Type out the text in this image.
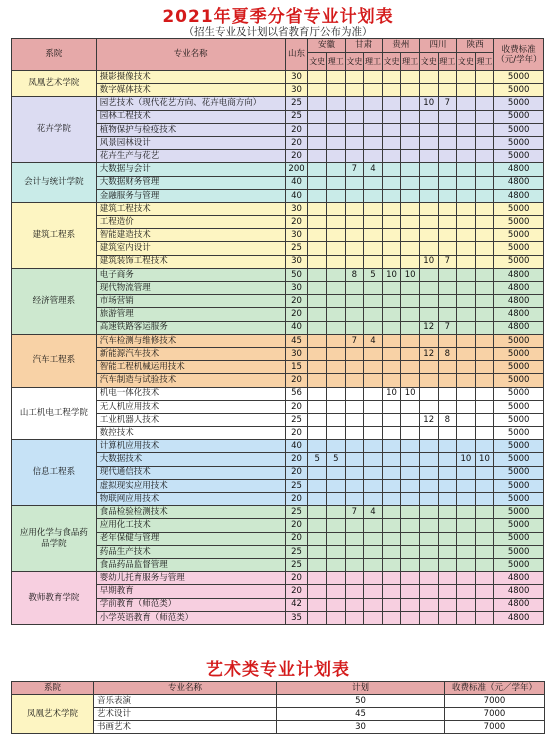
2021年夏季分省专业计划表
（招生专业及计划以省教育厅公布为准）
系院	专业名称	山东	安徽		甘肃		贵州		四川		陕西		收费标准（元/学年）
			文史	理工	文史	理工	文史	理工	文史	理工	文史	理工	

凤凰艺术学院	摄影摄像技术	30											5000
	数字媒体技术	30											5000
花卉学院	园艺技术（现代花艺方向、花卉电商方向）	25							10	7			5000
	园林工程技术	25											5000
	植物保护与检疫技术	20											5000
	风景园林设计	20											5000
	花卉生产与花艺	20											5000
会计与统计学院	大数据与会计	200			7	4							4800
	大数据财务管理	40											4800
	金融服务与管理	40											4800
建筑工程系	建筑工程技术	30											5000
	工程造价	20											5000
	智能建造技术	30											5000
	建筑室内设计	25											5000
	建筑装饰工程技术	30							10	7			5000
经济管理系	电子商务	50			8	5	10	10					4800
	现代物流管理	30											4800
	市场营销	20											4800
	旅游管理	20											4800
	高速铁路客运服务	40							12	7			4800
汽车工程系	汽车检测与维修技术	45			7	4							5000
	新能源汽车技术	30							12	8			5000
	智能工程机械运用技术	15											5000
	汽车制造与试验技术	20											5000
山工机电工程学院	机电一体化技术	56					10	10					5000
	无人机应用技术	20											5000
	工业机器人技术	25							12	8			5000
	数控技术	20											5000
信息工程系	计算机应用技术	40											5000
	大数据技术	20	5	5							10	10	5000
	现代通信技术	20											5000
	虚拟现实应用技术	25											5000
	物联网应用技术	20											5000
应用化学与食品药品学院	食品检验检测技术	25			7	4							5000
	应用化工技术	20											5000
	老年保健与管理	20											5000
	药品生产技术	25											5000
	食品药品监督管理	25											5000
教师教育学院	婴幼儿托育服务与管理	20											4800
	早期教育	20											4800
	学前教育（师范类）	42											4800
	小学英语教育（师范类）	35											4800
艺术类专业计划表
系院	专业名称	计划	收费标准（元／学年）
凤凰艺术学院	音乐表演	50	7000
	艺术设计	45	7000
	书画艺术	30	7000
